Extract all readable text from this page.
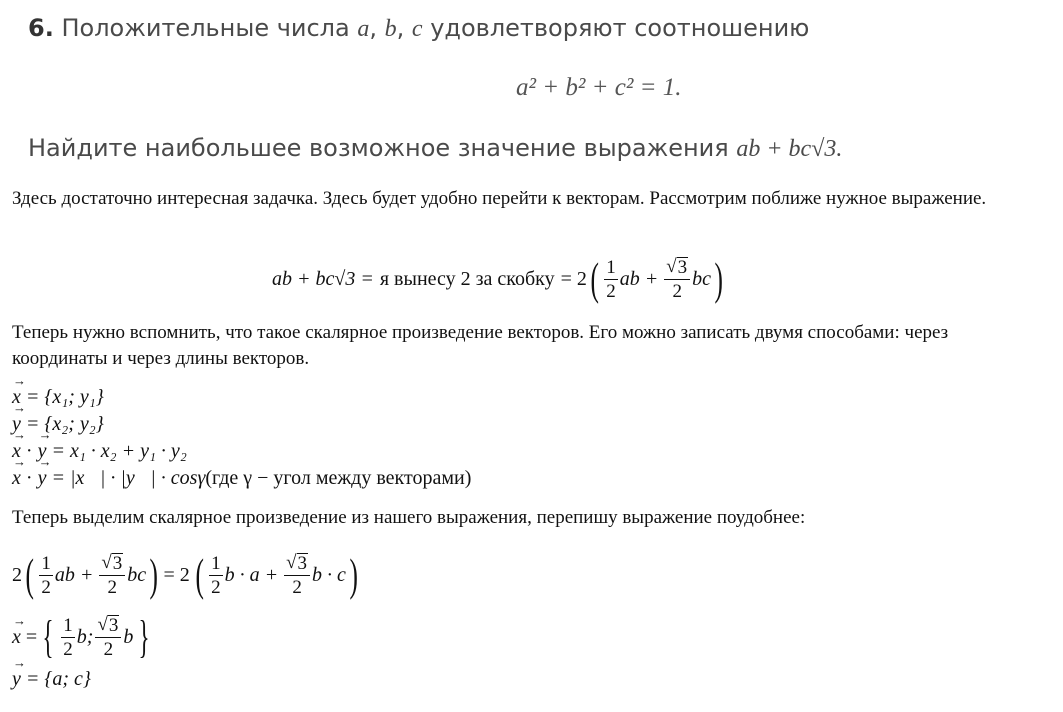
6. Положительные числа a, b, c удовлетворяют соотношению
a² + b² + c² = 1.
Найдите наибольшее возможное значение выражения ab + bc√3.
Здесь достаточно интересная задачка. Здесь будет удобно перейти к векторам. Рассмотрим поближе нужное выражение.
ab + bc√3 = я вынесу 2 за скобку = 2 ( $\frac{1}{2}$ ab + $\frac{√ 3}{2}$ bc )
Теперь нужно вспомнить, что такое скалярное произведение векторов. Его можно записать двумя способами: через координаты и через длины векторов.
x →
= {x₁; y₁}
y →
= {x₂; y₂}
x → · y →
= x₁ · x₂ + y₁ · y₂
x → · y →
= |x⃗| · |y⃗| · cosγ (где γ − угол между векторами)
Теперь выделим скалярное произведение из нашего выражения, перепишу выражение поудобнее:
2 ( $\frac{1}{2}$ ab + $\frac{√ 3}{2}$ bc ) = 2 ( $\frac{1}{2}$ $b \cdot a + \frac{√ 3}{2}$ b · c )
x →
= { $\frac{1}{2} b$; $\frac{√ 3}{2}$ b }
y →
= {a; c}
